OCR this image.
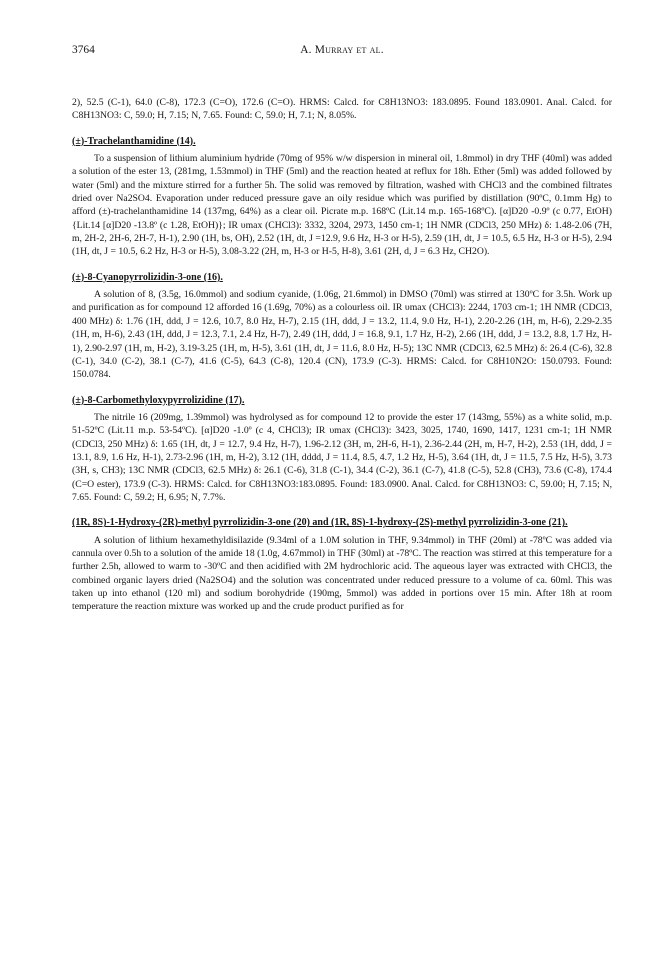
3764	A. Murray et al.

2), 52.5 (C-1), 64.0 (C-8), 172.3 (C=O), 172.6 (C=O). HRMS: Calcd. for C8H13NO3: 183.0895. Found 183.0901. Anal. Calcd. for C8H13NO3: C, 59.0; H, 7.15; N, 7.65. Found: C, 59.0; H, 7.1; N, 8.05%.

(±)-Trachelanthamidine (14).

To a suspension of lithium aluminium hydride (70mg of 95% w/w dispersion in mineral oil, 1.8mmol) in dry THF (40ml) was added a solution of the ester 13, (281mg, 1.53mmol) in THF (5ml) and the reaction heated at reflux for 18h. Ether (5ml) was added followed by water (5ml) and the mixture stirred for a further 5h. The solid was removed by filtration, washed with CHCl3 and the combined filtrates dried over Na2SO4. Evaporation under reduced pressure gave an oily residue which was purified by distillation (90ºC, 0.1mm Hg) to afford (±)-trachelanthamidine 14 (137mg, 64%) as a clear oil. Picrate m.p. 168ºC (Lit.14 m.p. 165-168ºC). [α]D20 -0.9º (c 0.77, EtOH) {Lit.14 [α]D20 -13.8º (c 1.28, EtOH)}; IR υmax (CHCl3): 3332, 3204, 2973, 1450 cm-1; 1H NMR (CDCl3, 250 MHz) δ: 1.48-2.06 (7H, m, 2H-2, 2H-6, 2H-7, H-1), 2.90 (1H, bs, OH), 2.52 (1H, dt, J =12.9, 9.6 Hz, H-3 or H-5), 2.59 (1H, dt, J = 10.5, 6.5 Hz, H-3 or H-5), 2.94 (1H, dt, J = 10.5, 6.2 Hz, H-3 or H-5), 3.08-3.22 (2H, m, H-3 or H-5, H-8), 3.61 (2H, d, J = 6.3 Hz, CH2O).

(±)-8-Cyanopyrrolizidin-3-one (16).

A solution of 8, (3.5g, 16.0mmol) and sodium cyanide, (1.06g, 21.6mmol) in DMSO (70ml) was stirred at 130ºC for 3.5h. Work up and purification as for compound 12 afforded 16 (1.69g, 70%) as a colourless oil. IR υmax (CHCl3): 2244, 1703 cm-1; 1H NMR (CDCl3, 400 MHz) δ: 1.76 (1H, ddd, J = 12.6, 10.7, 8.0 Hz, H-7), 2.15 (1H, ddd, J = 13.2, 11.4, 9.0 Hz, H-1), 2.20-2.26 (1H, m, H-6), 2.29-2.35 (1H, m, H-6), 2.43 (1H, ddd, J = 12.3, 7.1, 2.4 Hz, H-7), 2.49 (1H, ddd, J = 16.8, 9.1, 1.7 Hz, H-2), 2.66 (1H, ddd, J = 13.2, 8.8, 1.7 Hz, H-1), 2.90-2.97 (1H, m, H-2), 3.19-3.25 (1H, m, H-5), 3.61 (1H, dt, J = 11.6, 8.0 Hz, H-5); 13C NMR (CDCl3, 62.5 MHz) δ: 26.4 (C-6), 32.8 (C-1), 34.0 (C-2), 38.1 (C-7), 41.6 (C-5), 64.3 (C-8), 120.4 (CN), 173.9 (C-3). HRMS: Calcd. for C8H10N2O: 150.0793. Found: 150.0784.

(±)-8-Carbomethyloxypyrrolizidine (17).

The nitrile 16 (209mg, 1.39mmol) was hydrolysed as for compound 12 to provide the ester 17 (143mg, 55%) as a white solid, m.p. 51-52ºC (Lit.11 m.p. 53-54ºC). [α]D20 -1.0º (c 4, CHCl3); IR υmax (CHCl3): 3423, 3025, 1740, 1690, 1417, 1231 cm-1; 1H NMR (CDCl3, 250 MHz) δ: 1.65 (1H, dt, J = 12.7, 9.4 Hz, H-7), 1.96-2.12 (3H, m, 2H-6, H-1), 2.36-2.44 (2H, m, H-7, H-2), 2.53 (1H, ddd, J = 13.1, 8.9, 1.6 Hz, H-1), 2.73-2.96 (1H, m, H-2), 3.12 (1H, dddd, J = 11.4, 8.5, 4.7, 1.2 Hz, H-5), 3.64 (1H, dt, J = 11.5, 7.5 Hz, H-5), 3.73 (3H, s, CH3); 13C NMR (CDCl3, 62.5 MHz) δ: 26.1 (C-6), 31.8 (C-1), 34.4 (C-2), 36.1 (C-7), 41.8 (C-5), 52.8 (CH3), 73.6 (C-8), 174.4 (C=O ester), 173.9 (C-3). HRMS: Calcd. for C8H13NO3:183.0895. Found: 183.0900. Anal. Calcd. for C8H13NO3: C, 59.00; H, 7.15; N, 7.65. Found: C, 59.2; H, 6.95; N, 7.7%.

(1R, 8S)-1-Hydroxy-(2R)-methyl pyrrolizidin-3-one (20) and (1R, 8S)-1-hydroxy-(2S)-methyl pyrrolizidin-3-one (21).

A solution of lithium hexamethyldisilazide (9.34ml of a 1.0M solution in THF, 9.34mmol) in THF (20ml) at -78ºC was added via cannula over 0.5h to a solution of the amide 18 (1.0g, 4.67mmol) in THF (30ml) at -78ºC. The reaction was stirred at this temperature for a further 2.5h, allowed to warm to -30ºC and then acidified with 2M hydrochloric acid. The aqueous layer was extracted with CHCl3, the combined organic layers dried (Na2SO4) and the solution was concentrated under reduced pressure to a volume of ca. 60ml. This was taken up into ethanol (120 ml) and sodium borohydride (190mg, 5mmol) was added in portions over 15 min. After 18h at room temperature the reaction mixture was worked up and the crude product purified as for
